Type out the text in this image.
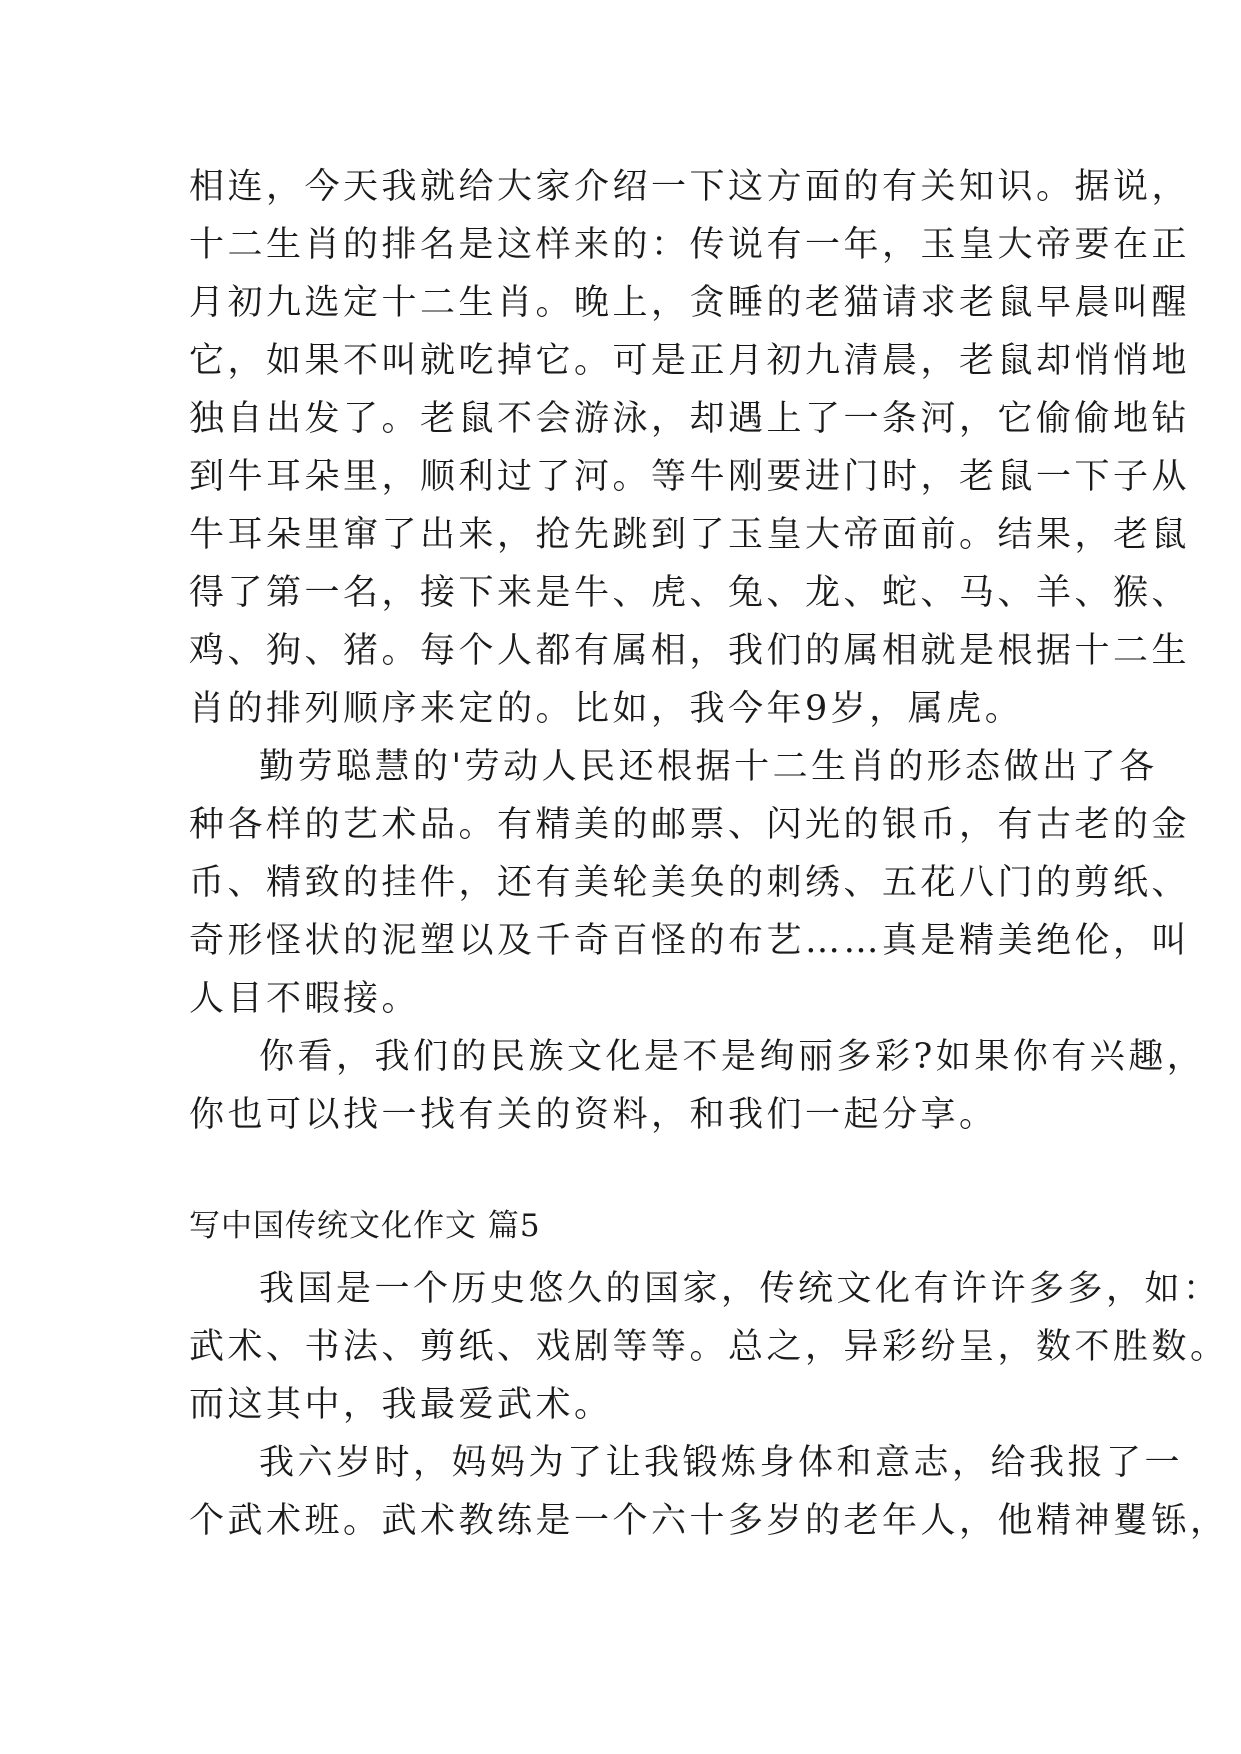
相连，今天我就给大家介绍一下这方面的有关知识。据说，
十二生肖的排名是这样来的：传说有一年，玉皇大帝要在正
月初九选定十二生肖。晚上，贪睡的老猫请求老鼠早晨叫醒
它，如果不叫就吃掉它。可是正月初九清晨，老鼠却悄悄地
独自出发了。老鼠不会游泳，却遇上了一条河，它偷偷地钻
到牛耳朵里，顺利过了河。等牛刚要进门时，老鼠一下子从
牛耳朵里窜了出来，抢先跳到了玉皇大帝面前。结果，老鼠
得了第一名，接下来是牛、虎、兔、龙、蛇、马、羊、猴、
鸡、狗、猪。每个人都有属相，我们的属相就是根据十二生
肖的排列顺序来定的。比如，我今年9岁，属虎。
勤劳聪慧的'劳动人民还根据十二生肖的形态做出了各
种各样的艺术品。有精美的邮票、闪光的银币，有古老的金
币、精致的挂件，还有美轮美奂的刺绣、五花八门的剪纸、
奇形怪状的泥塑以及千奇百怪的布艺……真是精美绝伦，叫
人目不暇接。
你看，我们的民族文化是不是绚丽多彩?如果你有兴趣，
你也可以找一找有关的资料，和我们一起分享。
写中国传统文化作文 篇5
我国是一个历史悠久的国家，传统文化有许许多多，如：
武术、书法、剪纸、戏剧等等。总之，异彩纷呈，数不胜数。
而这其中，我最爱武术。
我六岁时，妈妈为了让我锻炼身体和意志，给我报了一
个武术班。武术教练是一个六十多岁的老年人，他精神矍铄，
